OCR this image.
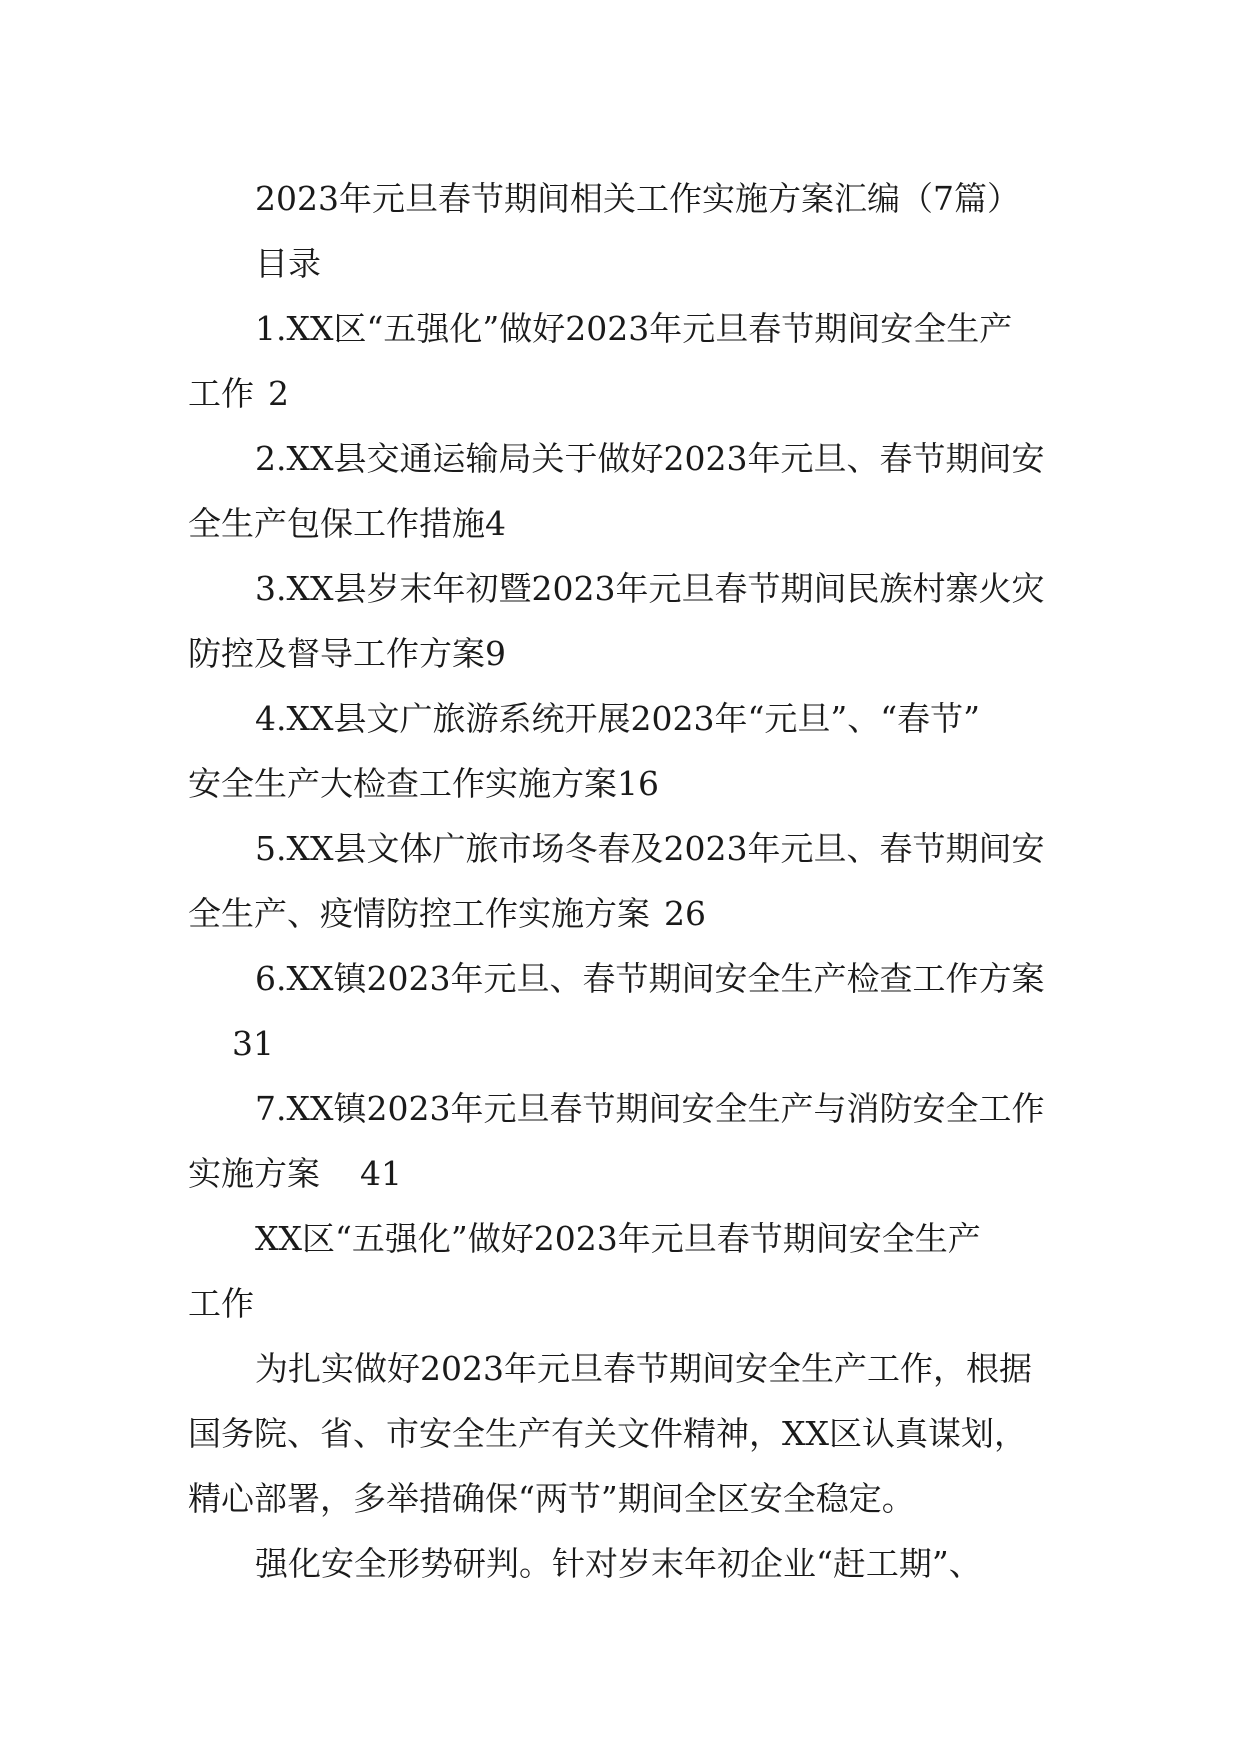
2023年元旦春节期间相关工作实施方案汇编（7篇）
目录
1.XX区“五强化”做好2023年元旦春节期间安全生产
工作 2
2.XX县交通运输局关于做好2023年元旦、春节期间安
全生产包保工作措施4
3.XX县岁末年初暨2023年元旦春节期间民族村寨火灾
防控及督导工作方案9
4.XX县文广旅游系统开展2023年“元旦”、“春节”
安全生产大检查工作实施方案16
5.XX县文体广旅市场冬春及2023年元旦、春节期间安
全生产、疫情防控工作实施方案 26
6.XX镇2023年元旦、春节期间安全生产检查工作方案
31
7.XX镇2023年元旦春节期间安全生产与消防安全工作
实施方案 41
XX区“五强化”做好2023年元旦春节期间安全生产
工作
为扎实做好2023年元旦春节期间安全生产工作，根据
国务院、省、市安全生产有关文件精神，XX区认真谋划，
精心部署，多举措确保“两节”期间全区安全稳定。
强化安全形势研判。针对岁末年初企业“赶工期”、
